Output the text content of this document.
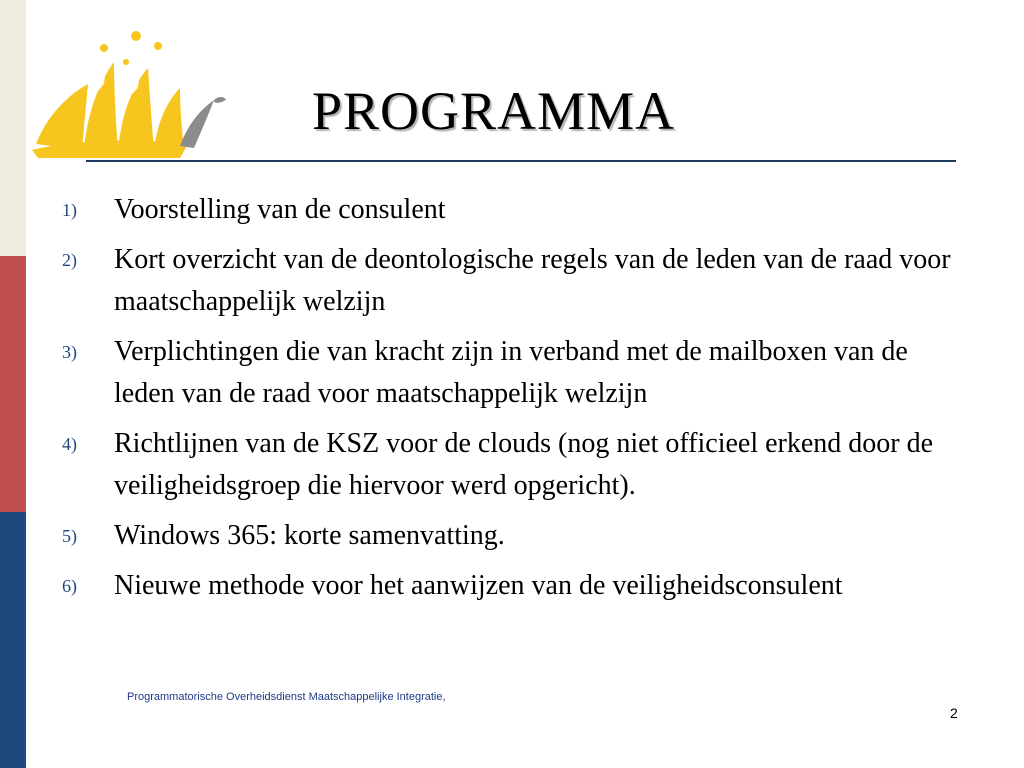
PROGRAMMA
1)	Voorstelling van de consulent
2)	Kort overzicht van de deontologische regels van de leden van de raad voor maatschappelijk welzijn
3)	Verplichtingen die van kracht zijn in verband met de mailboxen van de leden van de raad voor maatschappelijk welzijn
4)	Richtlijnen van de KSZ voor de clouds (nog niet officieel erkend door de veiligheidsgroep die hiervoor werd opgericht).
5)	Windows 365: korte samenvatting.
6)	Nieuwe methode voor het aanwijzen van de veiligheidsconsulent
Programmatorische Overheidsdienst Maatschappelijke Integratie,
2
